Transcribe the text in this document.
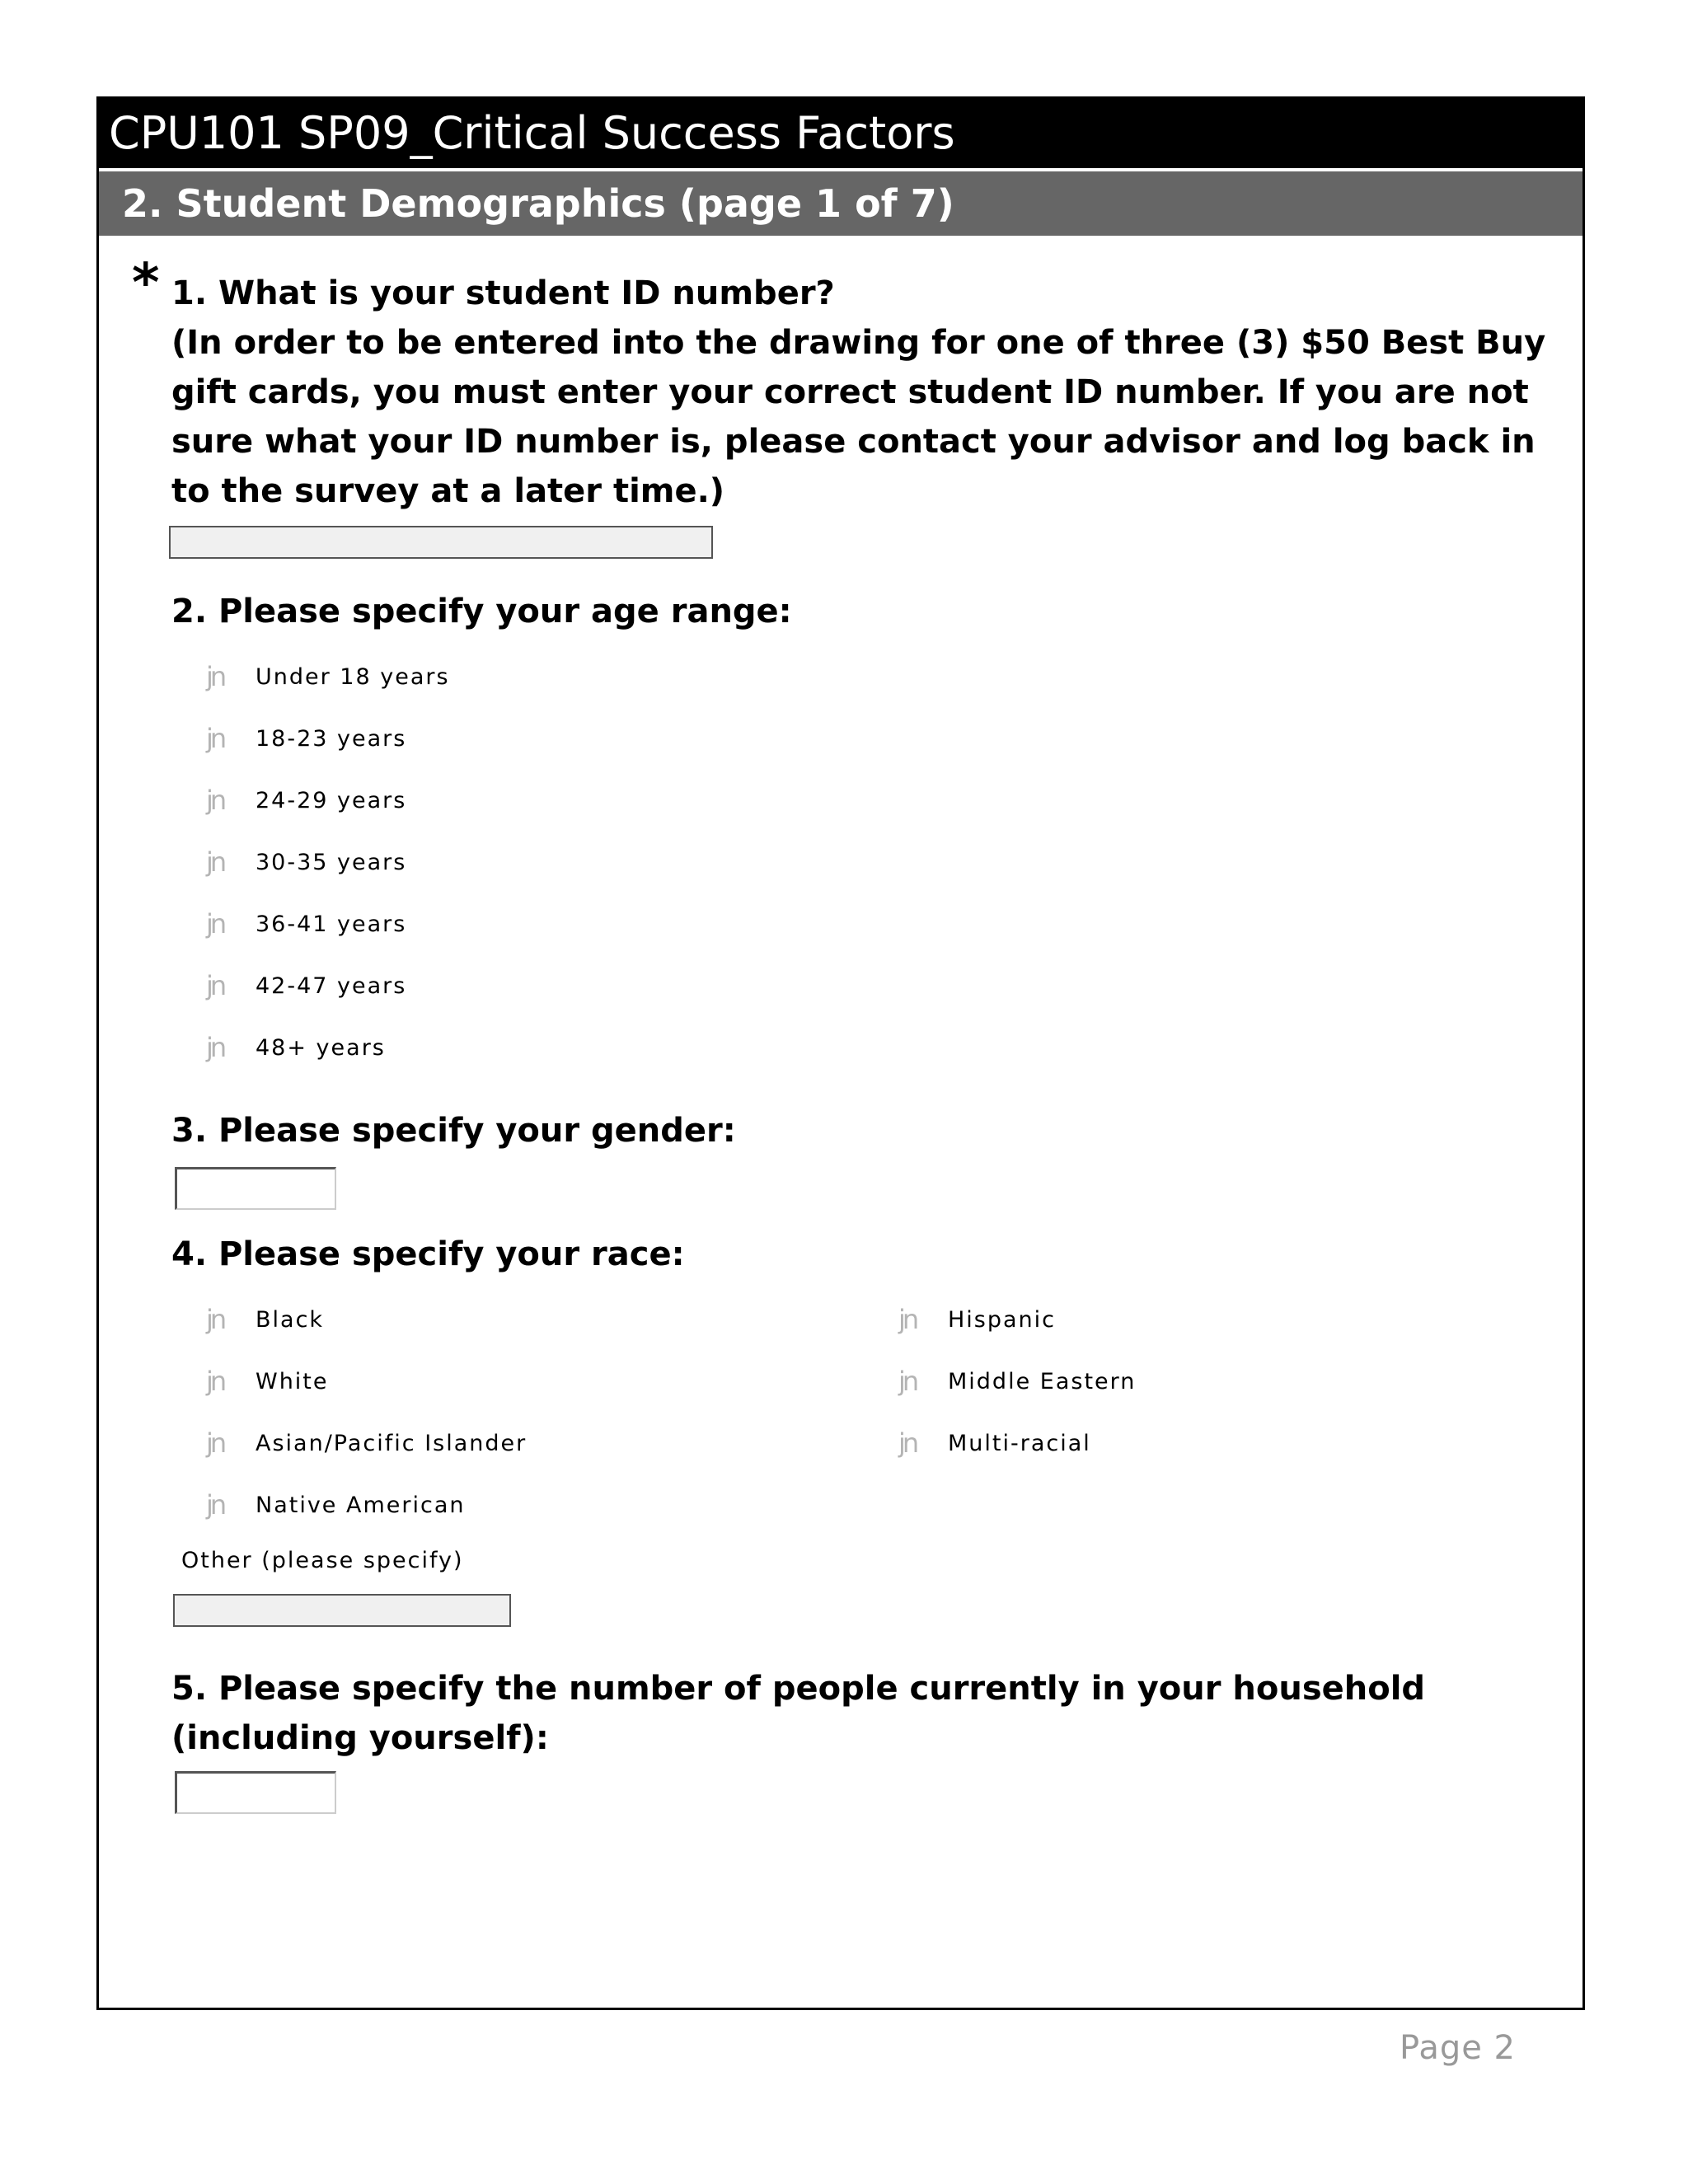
CPU101 SP09_Critical Success Factors
2. Student Demographics (page 1 of 7)
* 1. What is your student ID number?
(In order to be entered into the drawing for one of three (3) $50 Best Buy gift cards, you must enter your correct student ID number. If you are not sure what your ID number is, please contact your advisor and log back in to the survey at a later time.)
2. Please specify your age range:
jn	Under 18 years
jn	18-23 years
jn	24-29 years
jn	30-35 years
jn	36-41 years
jn	42-47 years
jn	48+ years
3. Please specify your gender:
4. Please specify your race:
jn	Black
jn	White
jn	Asian/Pacific Islander
jn	Native American
jn	Hispanic
jn	Middle Eastern
jn	Multi-racial
Other (please specify)
5. Please specify the number of people currently in your household (including yourself):
Page 2
